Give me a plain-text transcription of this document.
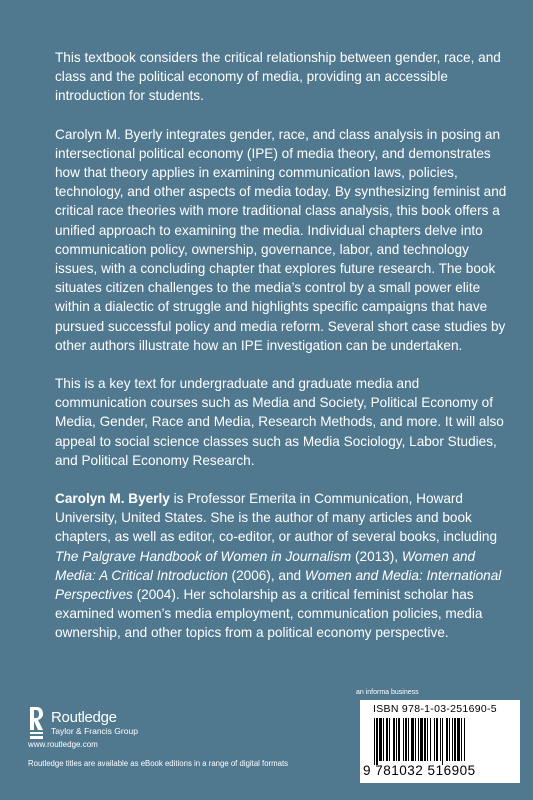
This textbook considers the critical relationship between gender, race, and class and the political economy of media, providing an accessible introduction for students.

Carolyn M. Byerly integrates gender, race, and class analysis in posing an intersectional political economy (IPE) of media theory, and demonstrates how that theory applies in examining communication laws, policies, technology, and other aspects of media today. By synthesizing feminist and critical race theories with more traditional class analysis, this book offers a unified approach to examining the media. Individual chapters delve into communication policy, ownership, governance, labor, and technology issues, with a concluding chapter that explores future research. The book situates citizen challenges to the media’s control by a small power elite within a dialectic of struggle and highlights specific campaigns that have pursued successful policy and media reform. Several short case studies by other authors illustrate how an IPE investigation can be undertaken.

This is a key text for undergraduate and graduate media and communication courses such as Media and Society, Political Economy of Media, Gender, Race and Media, Research Methods, and more. It will also appeal to social science classes such as Media Sociology, Labor Studies, and Political Economy Research.

Carolyn M. Byerly is Professor Emerita in Communication, Howard University, United States. She is the author of many articles and book chapters, as well as editor, co-editor, or author of several books, including The Palgrave Handbook of Women in Journalism (2013), Women and Media: A Critical Introduction (2006), and Women and Media: International Perspectives (2004). Her scholarship as a critical feminist scholar has examined women’s media employment, communication policies, media ownership, and other topics from a political economy perspective.

Routledge
Taylor & Francis Group
www.routledge.com
Routledge titles are available as eBook editions in a range of digital formats
an informa business
ISBN 978-1-03-251690-5
9 781032 516905
